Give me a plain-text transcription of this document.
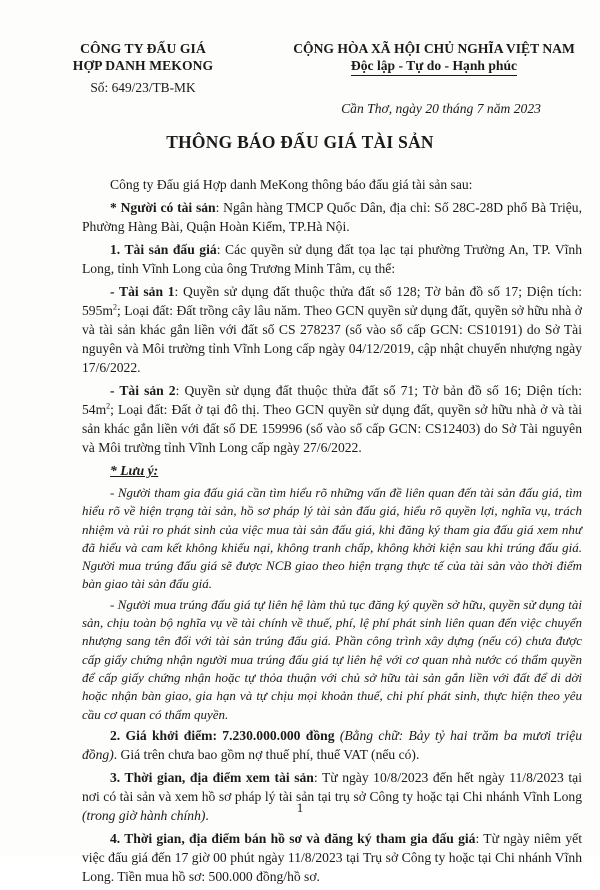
CÔNG TY ĐẤU GIÁ
HỢP DANH MEKONG
Số: 649/23/TB-MK
CỘNG HÒA XÃ HỘI CHỦ NGHĨA VIỆT NAM
Độc lập - Tự do - Hạnh phúc
Cần Thơ, ngày 20 tháng 7 năm 2023
THÔNG BÁO ĐẤU GIÁ TÀI SẢN

Công ty Đấu giá Hợp danh MeKong thông báo đấu giá tài sản sau:

* Người có tài sản: Ngân hàng TMCP Quốc Dân, địa chỉ: Số 28C-28D phố Bà Triệu, Phường Hàng Bài, Quận Hoàn Kiếm, TP.Hà Nội.

1. Tài sản đấu giá: Các quyền sử dụng đất tọa lạc tại phường Trường An, TP. Vĩnh Long, tỉnh Vĩnh Long của ông Trương Minh Tâm, cụ thể:

- Tài sản 1: Quyền sử dụng đất thuộc thửa đất số 128; Tờ bản đồ số 17; Diện tích: $595m^2$; Loại đất: Đất trồng cây lâu năm. Theo GCN quyền sử dụng đất, quyền sở hữu nhà ở và tài sản khác gắn liền với đất số CS 278237 (số vào sổ cấp GCN: CS10191) do Sở Tài nguyên và Môi trường tỉnh Vĩnh Long cấp ngày 04/12/2019, cập nhật chuyển nhượng ngày 17/6/2022.

- Tài sản 2: Quyền sử dụng đất thuộc thửa đất số 71; Tờ bản đồ số 16; Diện tích: $54m^2$; Loại đất: Đất ở tại đô thị. Theo GCN quyền sử dụng đất, quyền sở hữu nhà ở và tài sản khác gắn liền với đất số DE 159996 (số vào sổ cấp GCN: CS12403) do Sở Tài nguyên và Môi trường tỉnh Vĩnh Long cấp ngày 27/6/2022.

* Lưu ý:

- Người tham gia đấu giá cần tìm hiểu rõ những vấn đề liên quan đến tài sản đấu giá, tìm hiểu rõ về hiện trạng tài sản, hồ sơ pháp lý tài sản đấu giá, hiểu rõ quyền lợi, nghĩa vụ, trách nhiệm và rủi ro phát sinh của việc mua tài sản đấu giá, khi đăng ký tham gia đấu giá xem như đã hiểu và cam kết không khiếu nại, không tranh chấp, không khởi kiện sau khi trúng đấu giá. Người mua trúng đấu giá sẽ được NCB giao theo hiện trạng thực tế của tài sản vào thời điểm bàn giao tài sản đấu giá.

- Người mua trúng đấu giá tự liên hệ làm thủ tục đăng ký quyền sở hữu, quyền sử dụng tài sản, chịu toàn bộ nghĩa vụ về tài chính về thuế, phí, lệ phí phát sinh liên quan đến việc chuyển nhượng sang tên đối với tài sản trúng đấu giá. Phần công trình xây dựng (nếu có) chưa được cấp giấy chứng nhận người mua trúng đấu giá tự liên hệ với cơ quan nhà nước có thẩm quyền để cấp giấy chứng nhận hoặc tự thỏa thuận với chủ sở hữu tài sản gắn liền với đất để di dời hoặc nhận bàn giao, gia hạn và tự chịu mọi khoản thuế, chi phí phát sinh, thực hiện theo yêu cầu cơ quan có thẩm quyền.

2. Giá khởi điểm: 7.230.000.000 đồng (Bằng chữ: Bảy tỷ hai trăm ba mươi triệu đồng). Giá trên chưa bao gồm nợ thuế phí, thuế VAT (nếu có).

3. Thời gian, địa điểm xem tài sản: Từ ngày 10/8/2023 đến hết ngày 11/8/2023 tại nơi có tài sản và xem hồ sơ pháp lý tài sản tại trụ sở Công ty hoặc tại Chi nhánh Vĩnh Long (trong giờ hành chính).

4. Thời gian, địa điểm bán hồ sơ và đăng ký tham gia đấu giá: Từ ngày niêm yết việc đấu giá đến 17 giờ 00 phút ngày 11/8/2023 tại Trụ sở Công ty hoặc tại Chi nhánh Vĩnh Long. Tiền mua hồ sơ: 500.000 đồng/hồ sơ.

1
